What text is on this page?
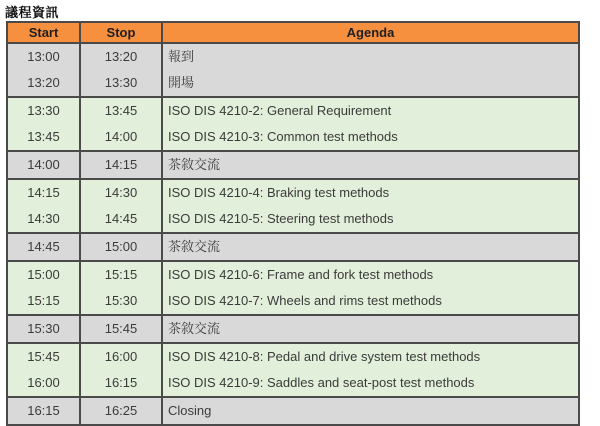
議程資訊
Start	Stop	Agenda
13:00	13:20	報到
13:20	13:30	開場
13:30	13:45	ISO DIS 4210-2: General Requirement
13:45	14:00	ISO DIS 4210-3: Common test methods
14:00	14:15	茶敘交流
14:15	14:30	ISO DIS 4210-4: Braking test methods
14:30	14:45	ISO DIS 4210-5: Steering test methods
14:45	15:00	茶敘交流
15:00	15:15	ISO DIS 4210-6: Frame and fork test methods
15:15	15:30	ISO DIS 4210-7: Wheels and rims test methods
15:30	15:45	茶敘交流
15:45	16:00	ISO DIS 4210-8: Pedal and drive system test methods
16:00	16:15	ISO DIS 4210-9: Saddles and seat-post test methods
16:15	16:25	Closing
